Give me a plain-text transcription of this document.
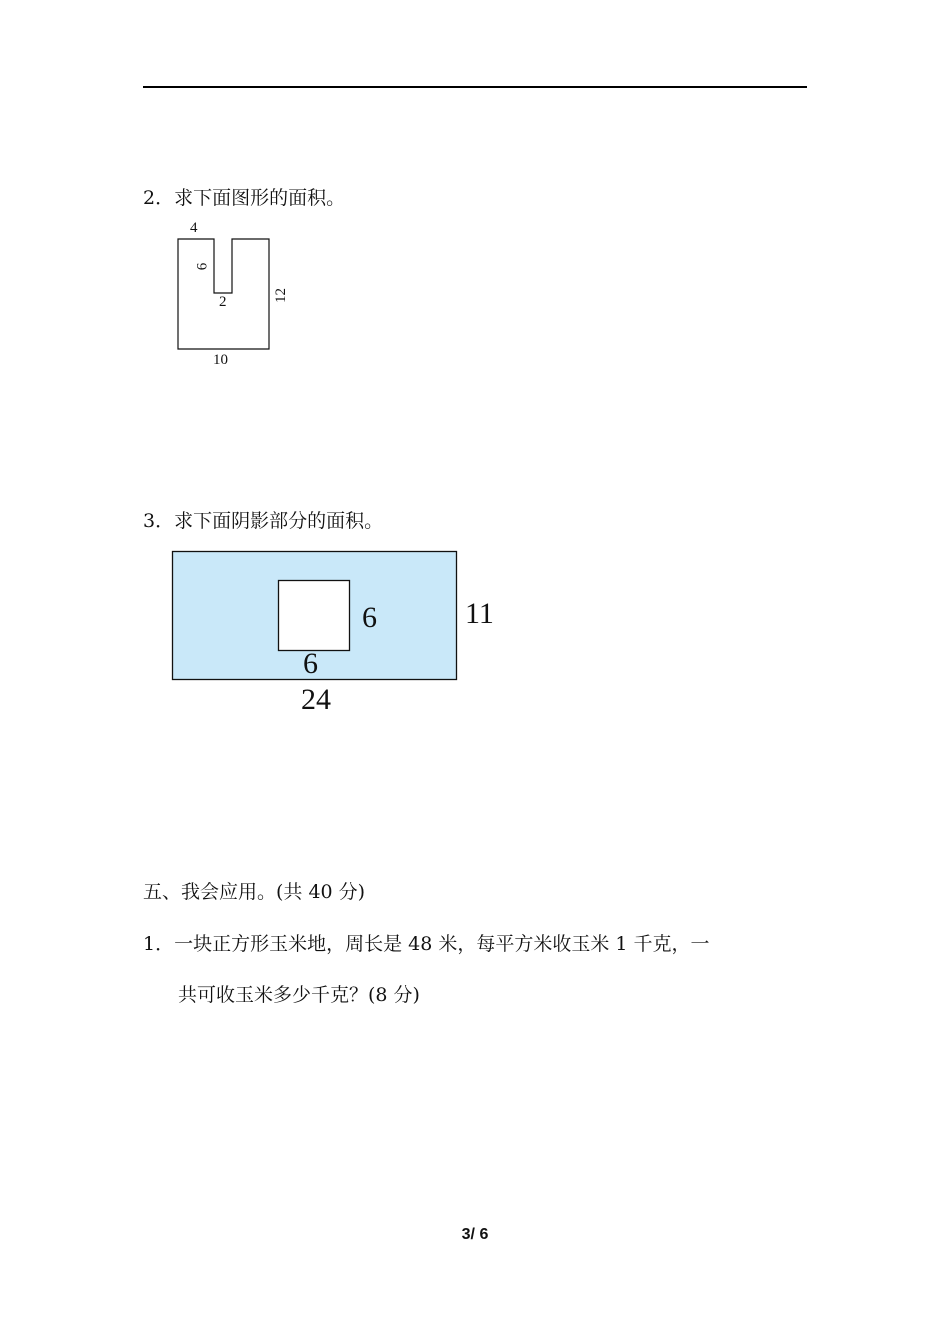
2．求下面图形的面积。
4
6
2	12
10
3．求下面阴影部分的面积。
6
6
11
24
五、我会应用。(共 40 分)
1．一块正方形玉米地，周长是 48 米，每平方米收玉米 1 千克，一
共可收玉米多少千克？(8 分)
3/ 6
